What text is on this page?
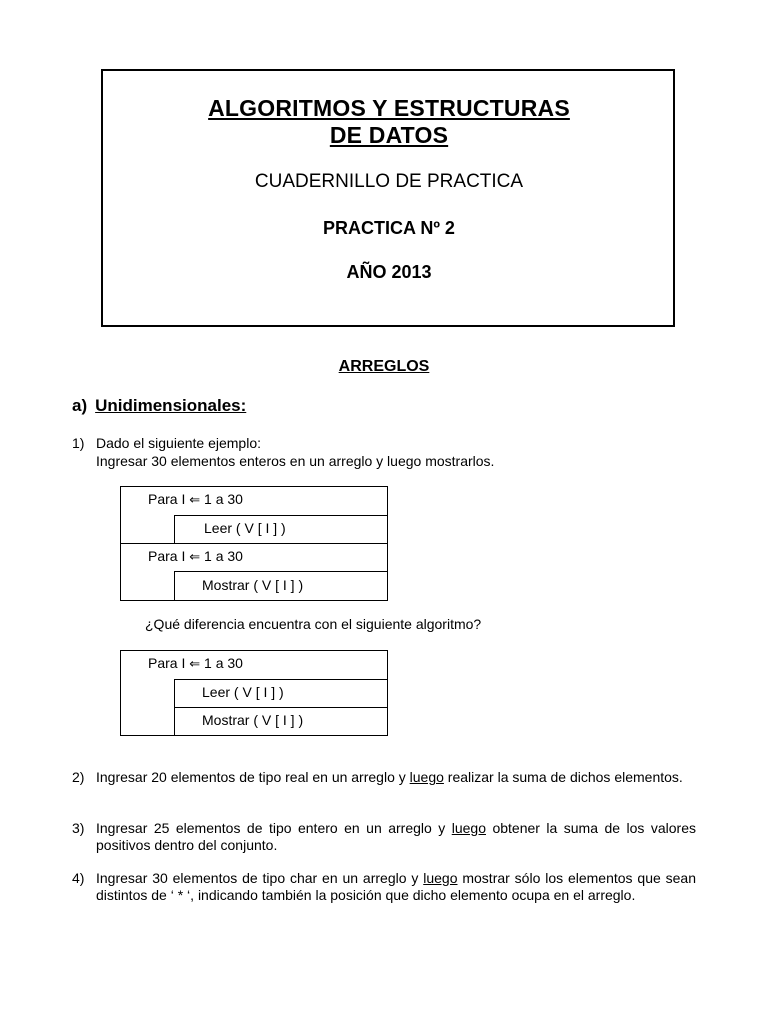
ALGORITMOS Y ESTRUCTURAS
DE DATOS
CUADERNILLO DE PRACTICA
PRACTICA Nº 2
AÑO 2013
ARREGLOS
a) Unidimensionales:
1) Dado el siguiente ejemplo:
Ingresar 30 elementos enteros en un arreglo y luego mostrarlos.
Para I ⇐ 1 a 30
Leer ( V [ I ] )
Para I ⇐ 1 a 30
Mostrar ( V [ I ] )
¿Qué diferencia encuentra con el siguiente algoritmo?
Para I ⇐ 1 a 30
Leer ( V [ I ] )
Mostrar ( V [ I ] )
2) Ingresar 20 elementos de tipo real en un arreglo y luego realizar la suma de dichos elementos.
3) Ingresar 25 elementos de tipo entero en un arreglo y luego obtener la suma de los valores positivos dentro del conjunto.
4) Ingresar 30 elementos de tipo char en un arreglo y luego mostrar sólo los elementos que sean distintos de ‘ * ‘, indicando también la posición que dicho elemento ocupa en el arreglo.
